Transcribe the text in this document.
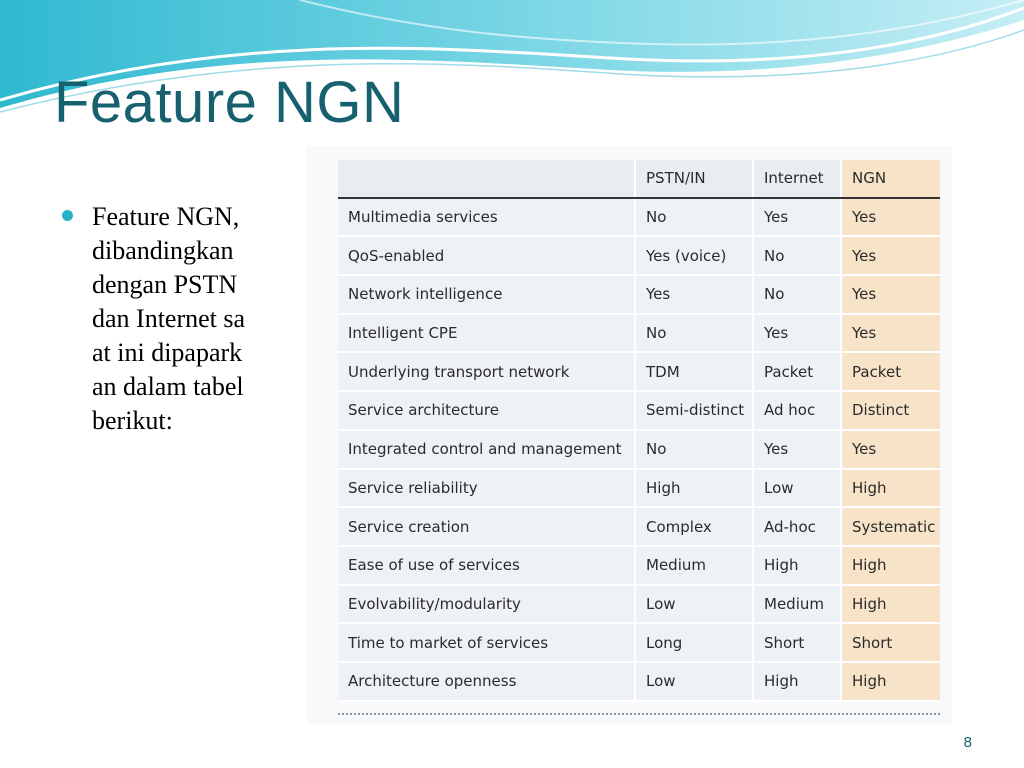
Feature NGN

Feature NGN, dibandingkan dengan PSTN dan Internet saat ini dipaparkan dalam tabel berikut:

	PSTN/IN	Internet	NGN
Multimedia services	No	Yes	Yes
QoS-enabled	Yes (voice)	No	Yes
Network intelligence	Yes	No	Yes
Intelligent CPE	No	Yes	Yes
Underlying transport network	TDM	Packet	Packet
Service architecture	Semi-distinct	Ad hoc	Distinct
Integrated control and management	No	Yes	Yes
Service reliability	High	Low	High
Service creation	Complex	Ad-hoc	Systematic
Ease of use of services	Medium	High	High
Evolvability/modularity	Low	Medium	High
Time to market of services	Long	Short	Short
Architecture openness	Low	High	High
8
